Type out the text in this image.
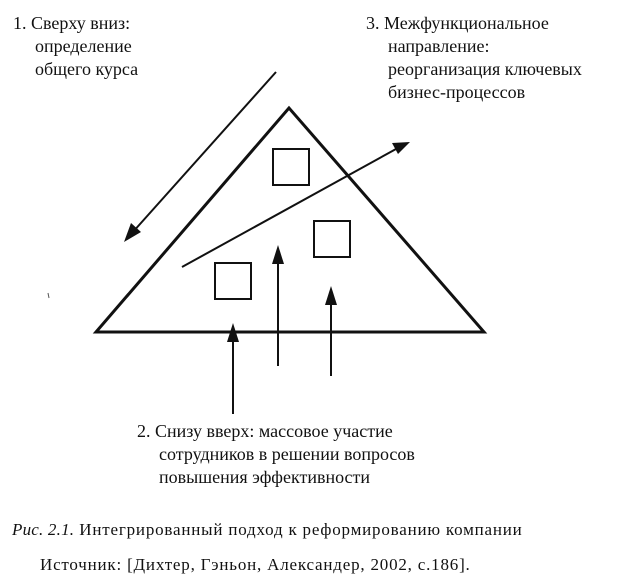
1. Сверху вниз:
определение
общего курса
3. Межфункциональное
направление:
реорганизация ключевых
бизнес-процессов
2. Снизу вверх: массовое участие
сотрудников в решении вопросов
повышения эффективности
Рис. 2.1. Интегрированный подход к реформированию компании
Источник: [Дихтер, Гэньон, Александер, 2002, с.186].
